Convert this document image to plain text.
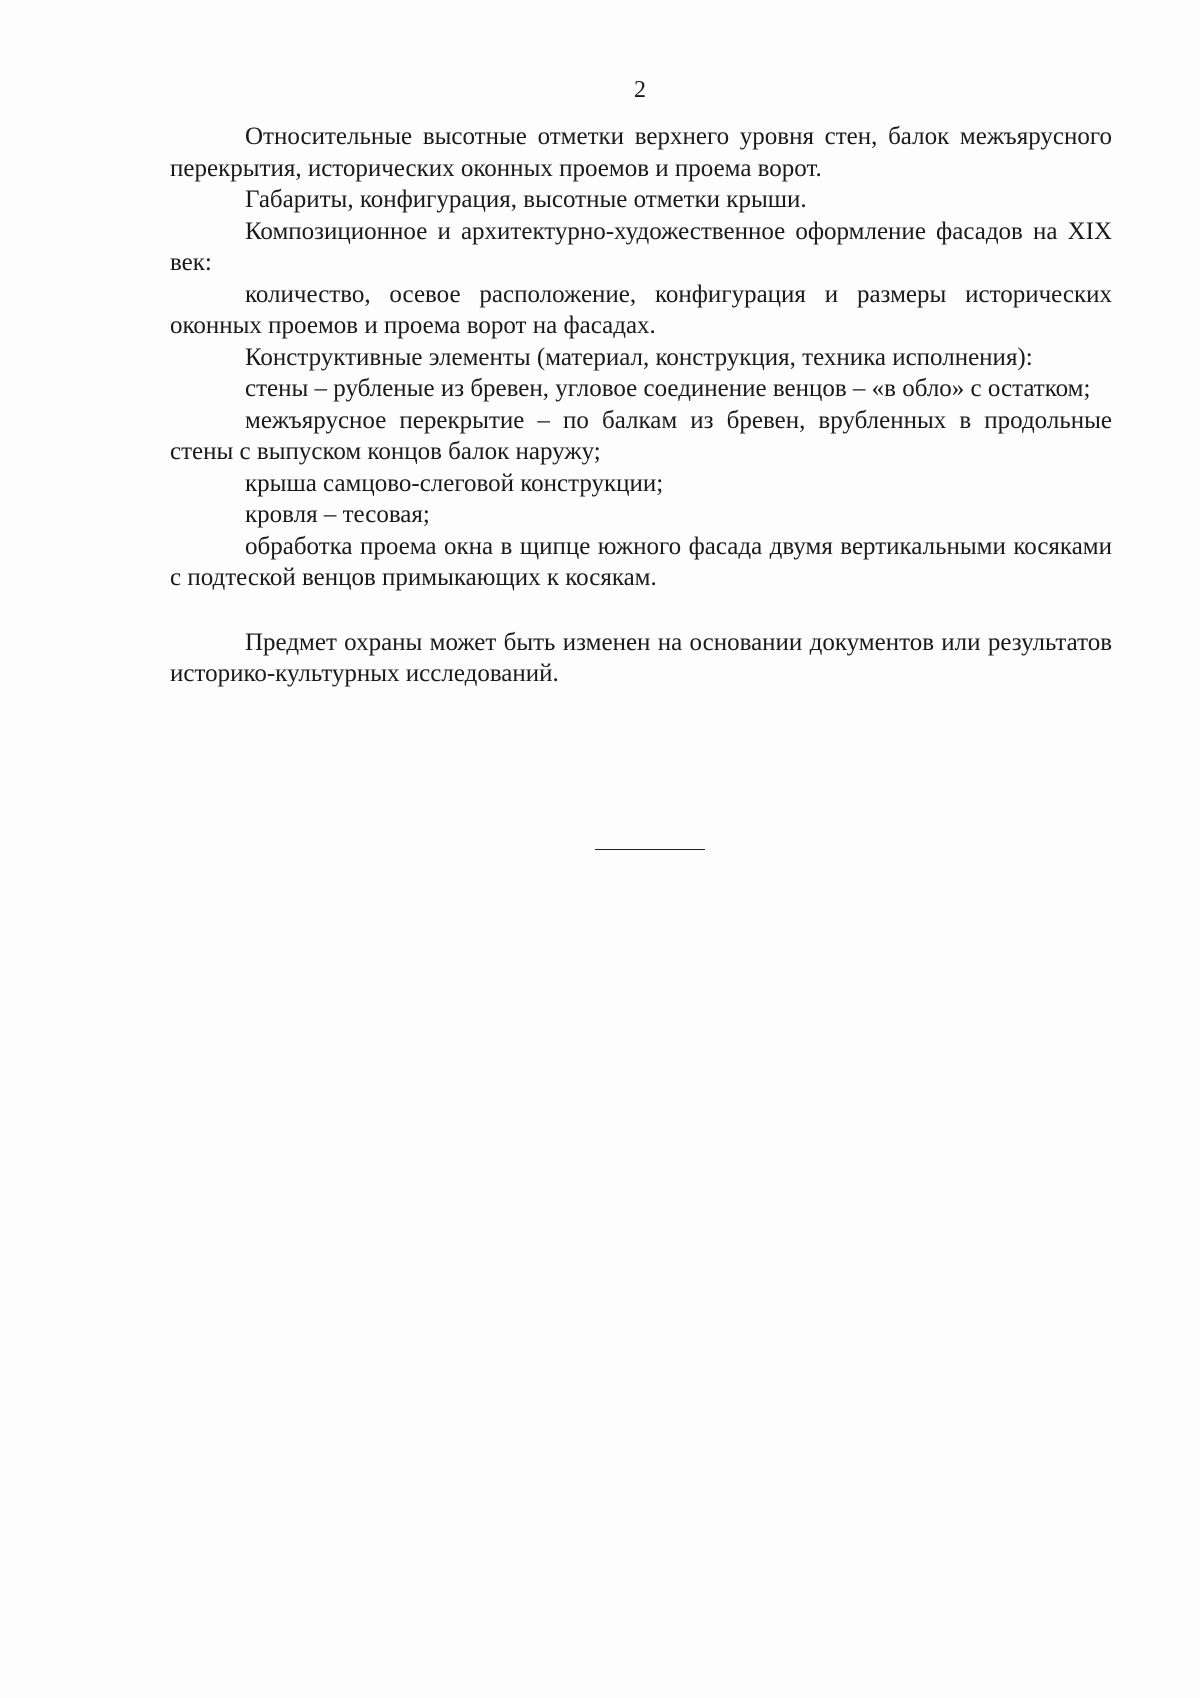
2

Относительные высотные отметки верхнего уровня стен, балок межъярусного перекрытия, исторических оконных проемов и проема ворот.

Габариты, конфигурация, высотные отметки крыши.

Композиционное и архитектурно-художественное оформление фасадов на XIX век:

количество, осевое расположение, конфигурация и размеры исторических оконных проемов и проема ворот на фасадах.

Конструктивные элементы (материал, конструкция, техника исполнения):

стены – рубленые из бревен, угловое соединение венцов – «в обло» с остатком;

межъярусное перекрытие – по балкам из бревен, врубленных в продольные стены с выпуском концов балок наружу;

крыша самцово-слеговой конструкции;

кровля – тесовая;

обработка проема окна в щипце южного фасада двумя вертикальными косяками с подтеской венцов примыкающих к косякам.

Предмет охраны может быть изменен на основании документов или результатов историко-культурных исследований.
